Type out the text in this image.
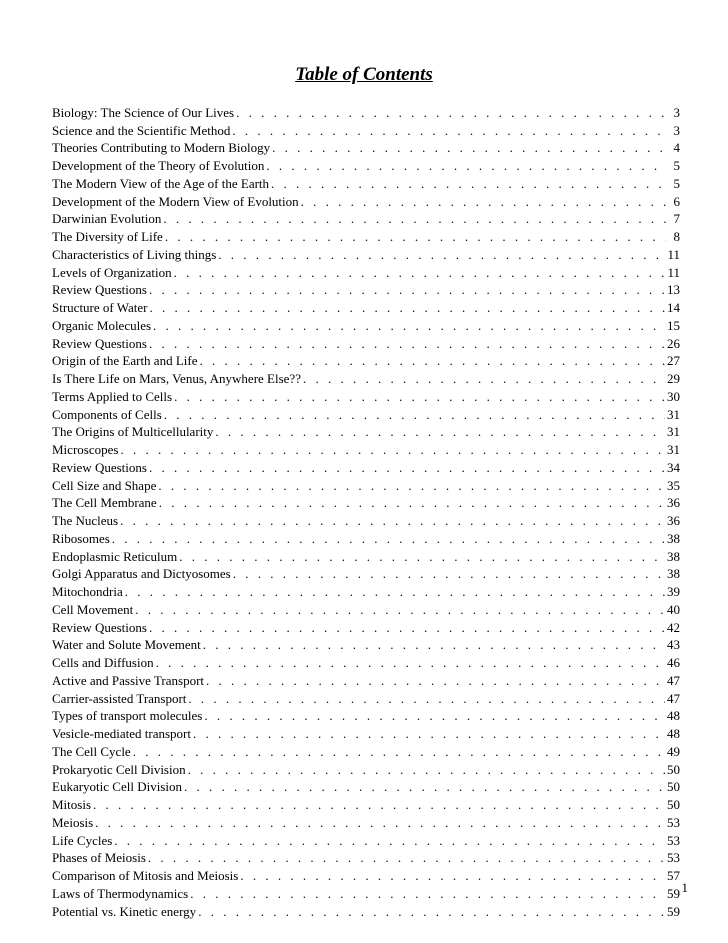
Table of Contents
Biology: The Science of Our Lives . . .	3
Science and the Scientific Method . . .	3
Theories Contributing to Modern Biology . . .	4
Development of the Theory of Evolution . . .	5
The Modern View of the Age of the Earth . . .	5
Development of the Modern View of Evolution . . .	6
Darwinian Evolution . . .	7
The Diversity of Life . . .	8
Characteristics of Living things . . .	11
Levels of Organization . . .	11
Review Questions . . .	13
Structure of Water . . .	14
Organic Molecules . . .	15
Review Questions . . .	26
Origin of the Earth and Life . . .	27
Is There Life on Mars, Venus, Anywhere Else?? . . .	29
Terms Applied to Cells . . .	30
Components of Cells . . .	31
The Origins of Multicellularity . . .	31
Microscopes . . .	31
Review Questions . . .	34
Cell Size and Shape . . .	35
The Cell Membrane . . .	36
The Nucleus . . .	36
Ribosomes . . .	38
Endoplasmic Reticulum . . .	38
Golgi Apparatus and Dictyosomes . . .	38
Mitochondria . . .	39
Cell Movement . . .	40
Review Questions . . .	42
Water and Solute Movement . . .	43
Cells and Diffusion . . .	46
Active and Passive Transport . . .	47
Carrier-assisted Transport . . .	47
Types of transport molecules . . .	48
Vesicle-mediated transport . . .	48
The Cell Cycle . . .	49
Prokaryotic Cell Division . . .	50
Eukaryotic Cell Division . . .	50
Mitosis . . .	50
Meiosis . . .	53
Life Cycles . . .	53
Phases of Meiosis . . .	53
Comparison of Mitosis and Meiosis . . .	57
Laws of Thermodynamics . . .	59
Potential vs. Kinetic energy . . .	59
1
